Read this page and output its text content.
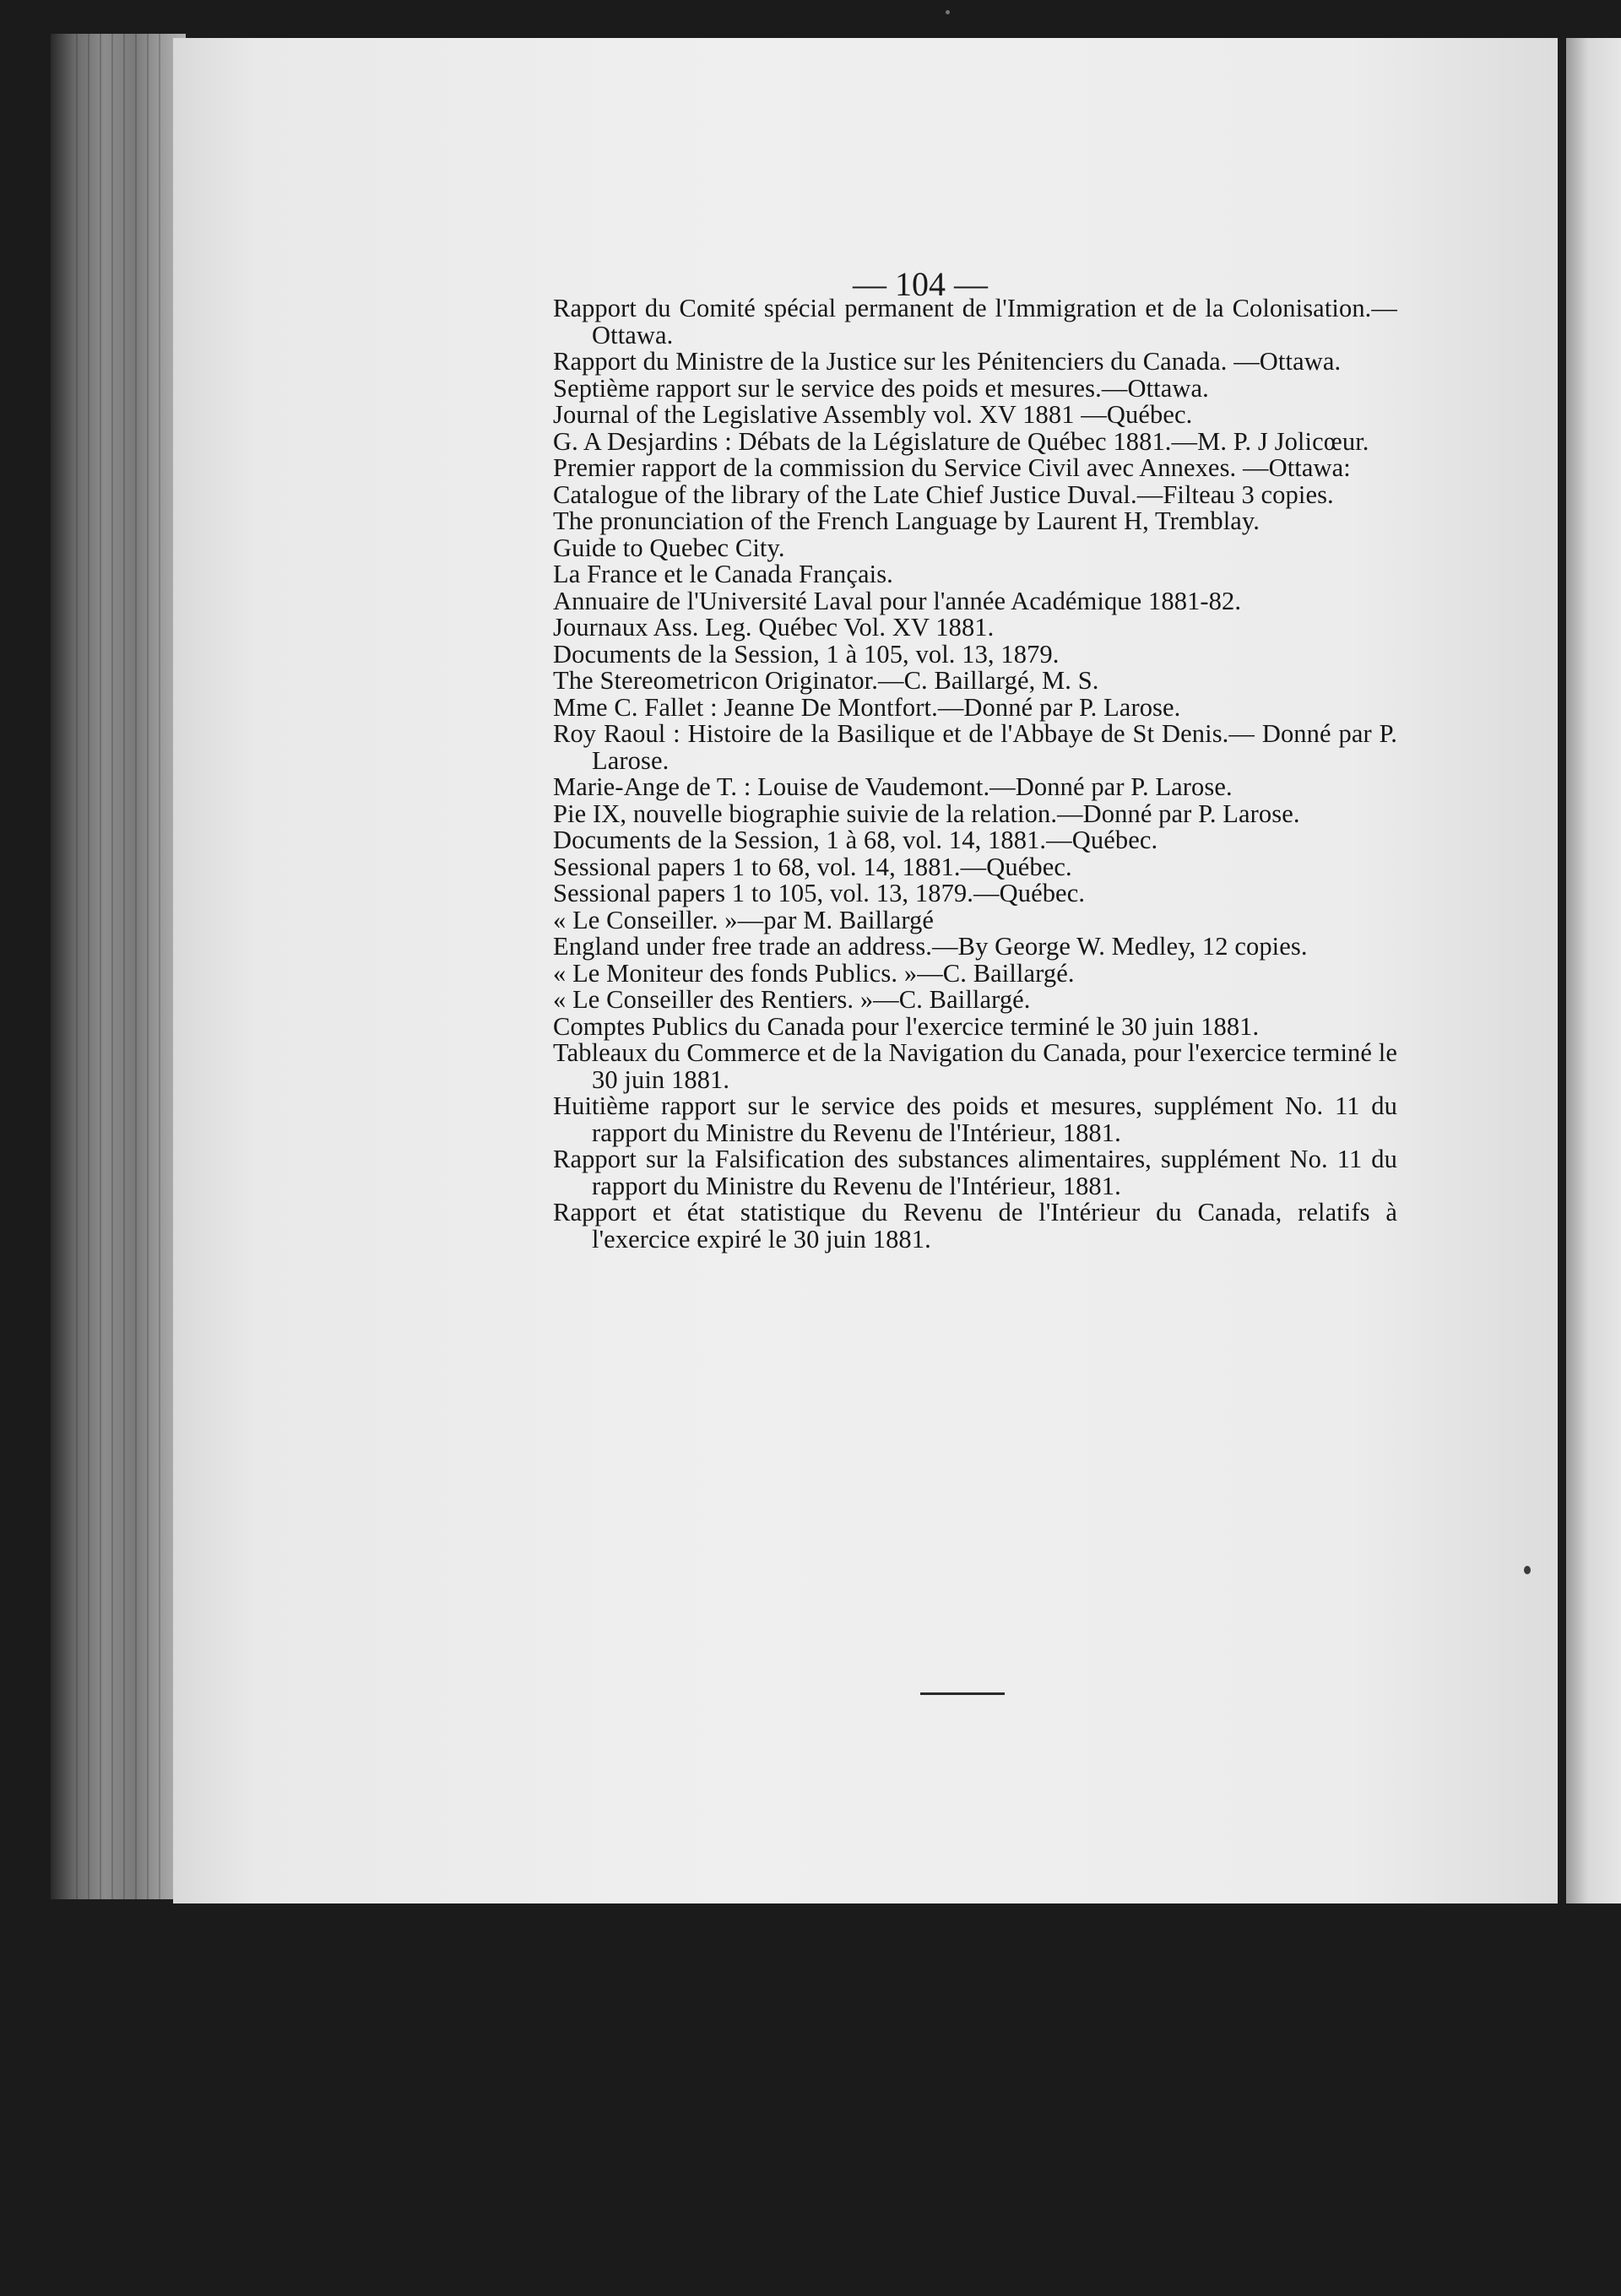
— 104 —
Rapport du Comité spécial permanent de l'Immigration et de la Colonisation.—Ottawa.
Rapport du Ministre de la Justice sur les Pénitenciers du Canada. —Ottawa.
Septième rapport sur le service des poids et mesures.—Ottawa.
Journal of the Legislative Assembly vol. XV 1881 —Québec.
G. A Desjardins : Débats de la Législature de Québec 1881.—M. P. J Jolicœur.
Premier rapport de la commission du Service Civil avec Annexes. —Ottawa:
Catalogue of the library of the Late Chief Justice Duval.—Filteau 3 copies.
The pronunciation of the French Language by Laurent H, Tremblay.
Guide to Quebec City.
La France et le Canada Français.
Annuaire de l'Université Laval pour l'année Académique 1881-82.
Journaux Ass. Leg. Québec Vol. XV 1881.
Documents de la Session, 1 à 105, vol. 13, 1879.
The Stereometricon Originator.—C. Baillargé, M. S.
Mme C. Fallet : Jeanne De Montfort.—Donné par P. Larose.
Roy Raoul : Histoire de la Basilique et de l'Abbaye de St Denis.— Donné par P. Larose.
Marie-Ange de T. : Louise de Vaudemont.—Donné par P. Larose.
Pie IX, nouvelle biographie suivie de la relation.—Donné par P. Larose.
Documents de la Session, 1 à 68, vol. 14, 1881.—Québec.
Sessional papers 1 to 68, vol. 14, 1881.—Québec.
Sessional papers 1 to 105, vol. 13, 1879.—Québec.
« Le Conseiller. »—par M. Baillargé
England under free trade an address.—By George W. Medley, 12 copies.
« Le Moniteur des fonds Publics. »—C. Baillargé.
« Le Conseiller des Rentiers. »—C. Baillargé.
Comptes Publics du Canada pour l'exercice terminé le 30 juin 1881.
Tableaux du Commerce et de la Navigation du Canada, pour l'exercice terminé le 30 juin 1881.
Huitième rapport sur le service des poids et mesures, supplément No. 11 du rapport du Ministre du Revenu de l'Intérieur, 1881.
Rapport sur la Falsification des substances alimentaires, supplément No. 11 du rapport du Ministre du Revenu de l'Intérieur, 1881.
Rapport et état statistique du Revenu de l'Intérieur du Canada, relatifs à l'exercice expiré le 30 juin 1881.
